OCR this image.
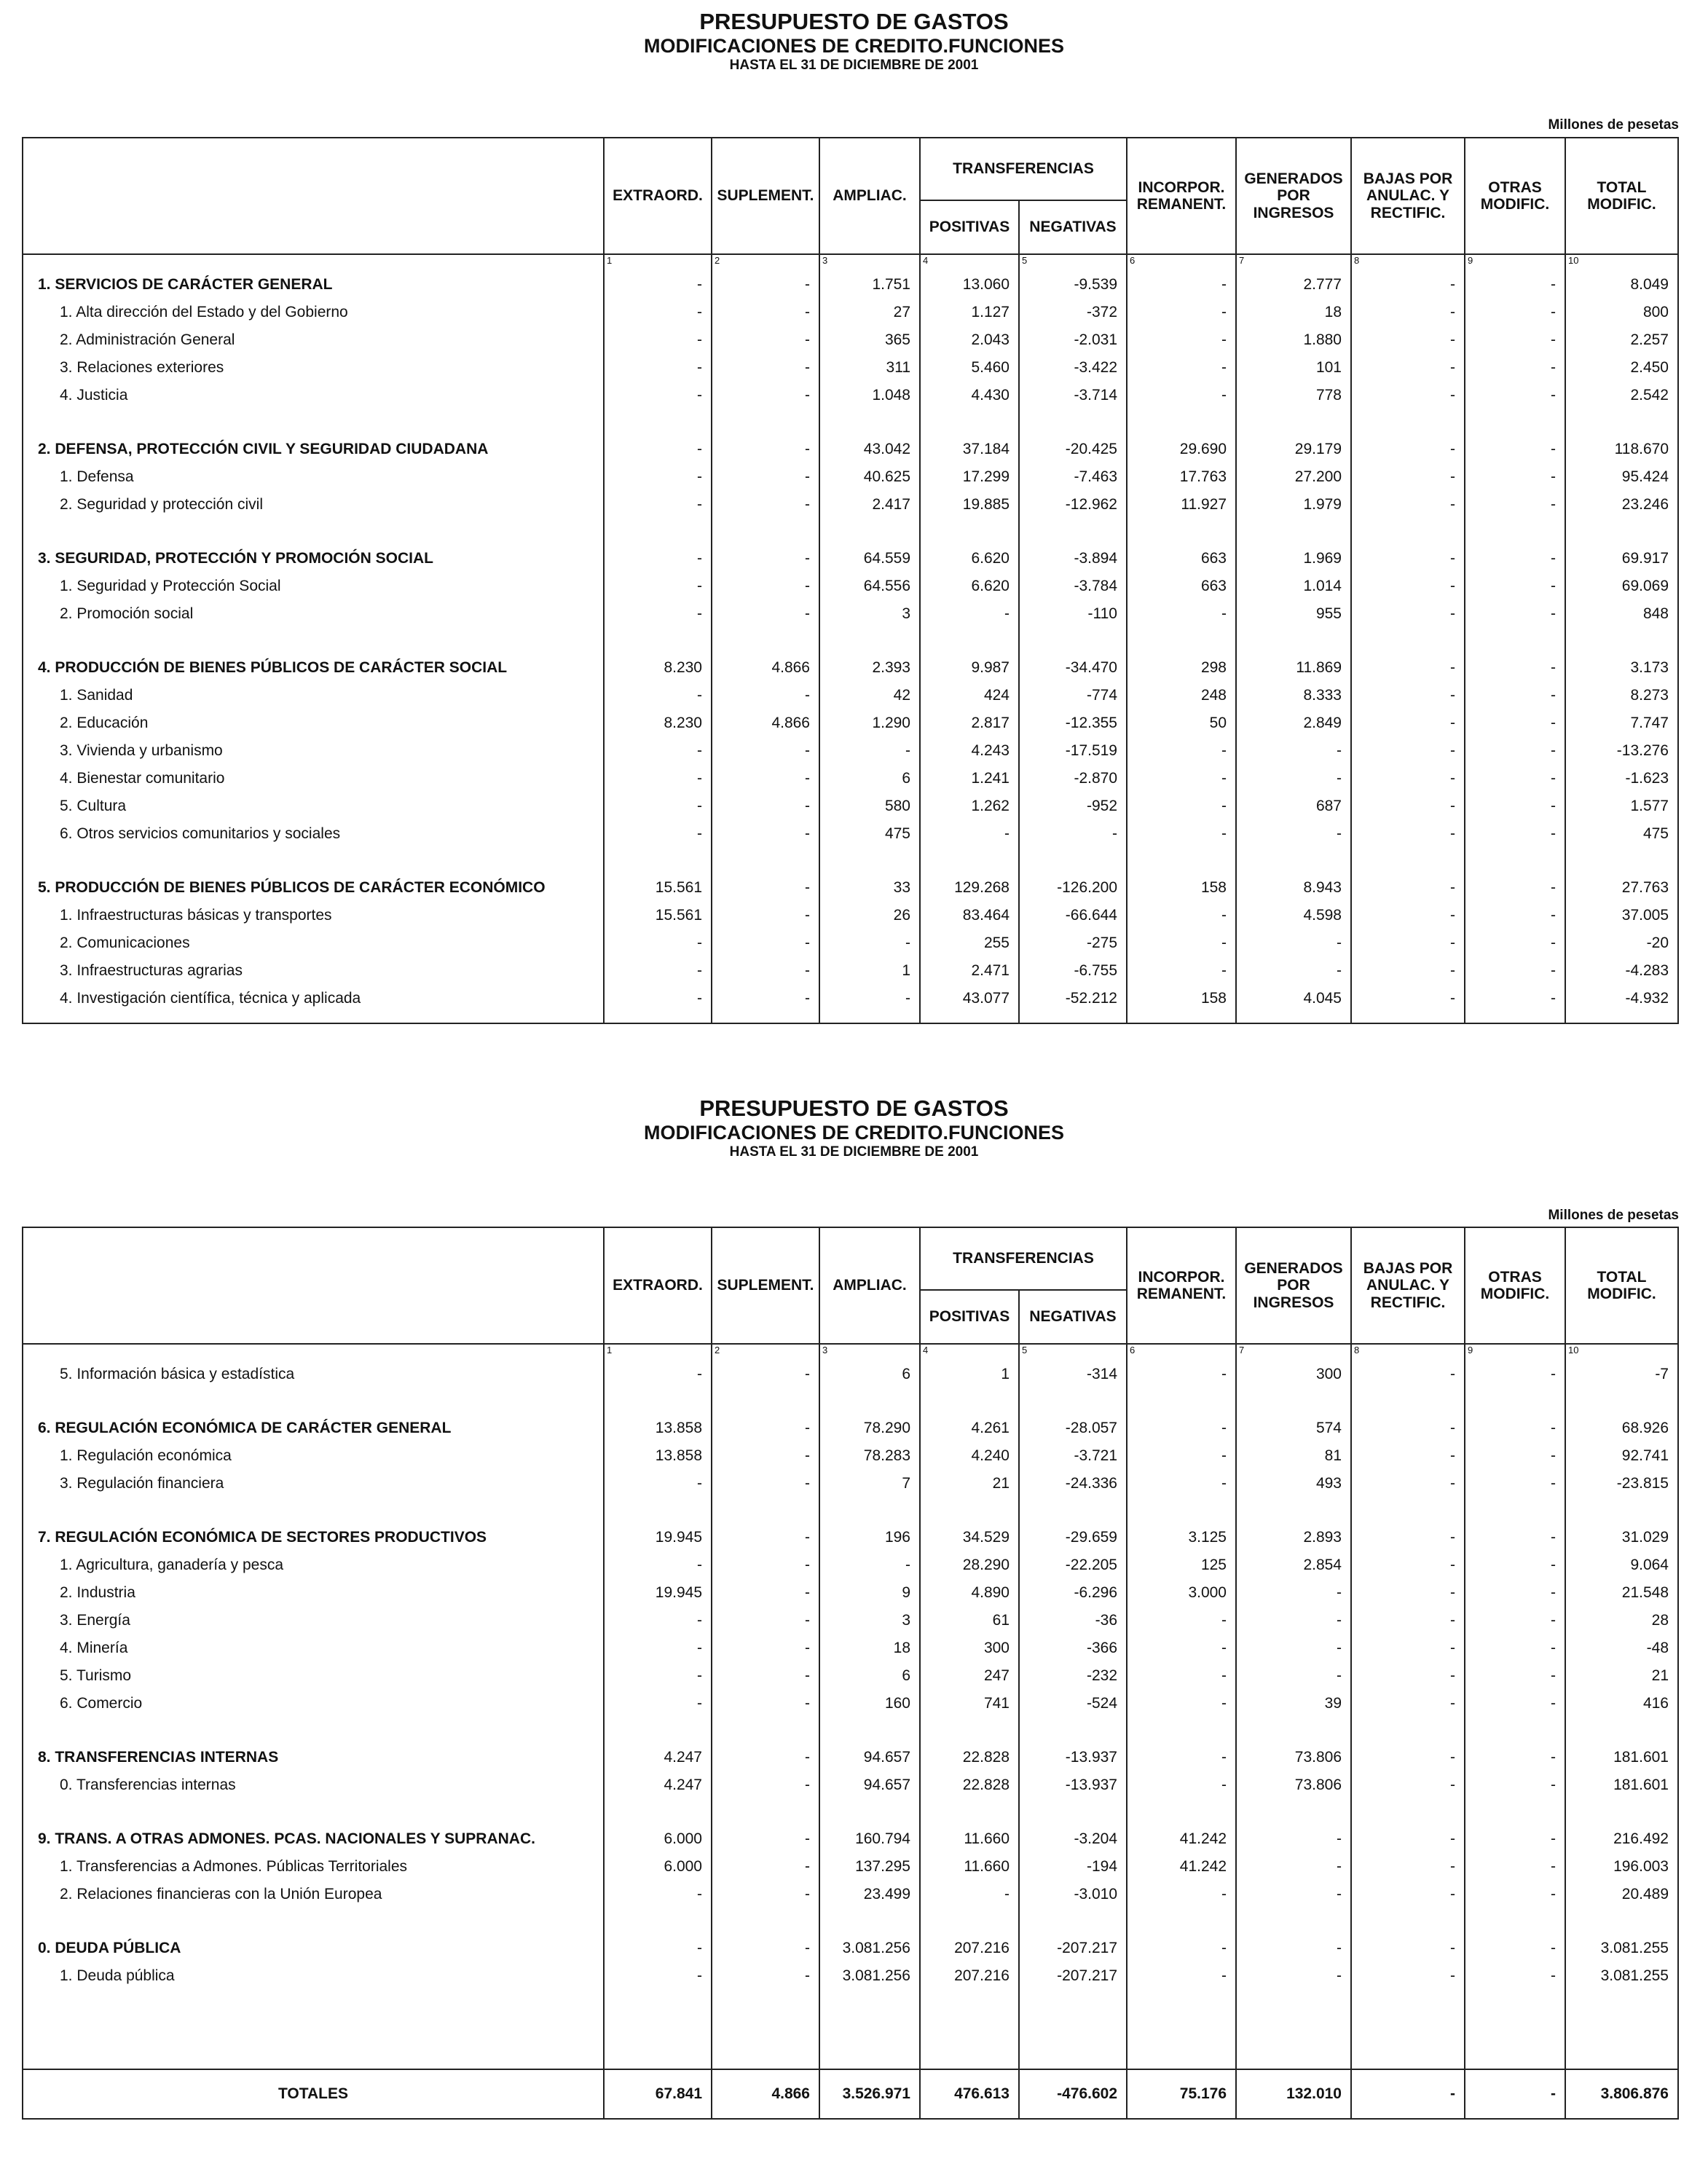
PRESUPUESTO DE GASTOS
MODIFICACIONES DE CREDITO.FUNCIONES
HASTA EL 31 DE DICIEMBRE DE 2001
Millones de pesetas
	EXTRAORD.	SUPLEMENT.	AMPLIAC.	TRANSFERENCIAS		INCORPOR. REMANENT.	GENERADOS POR INGRESOS	BAJAS POR ANULAC. Y RECTIFIC.	OTRAS MODIFIC.	TOTAL MODIFIC.
				POSITIVAS	NEGATIVAS					
	1	2	3	4	5	6	7	8	9	10
1. SERVICIOS DE CARÁCTER GENERAL	-	-	1.751	13.060	-9.539	-	2.777	-	-	8.049
1. Alta dirección del Estado y del Gobierno	-	-	27	1.127	-372	-	18	-	-	800
2. Administración General	-	-	365	2.043	-2.031	-	1.880	-	-	2.257
3. Relaciones exteriores	-	-	311	5.460	-3.422	-	101	-	-	2.450
4. Justicia	-	-	1.048	4.430	-3.714	-	778	-	-	2.542

2. DEFENSA, PROTECCIÓN CIVIL Y SEGURIDAD CIUDADANA	-	-	43.042	37.184	-20.425	29.690	29.179	-	-	118.670
1. Defensa	-	-	40.625	17.299	-7.463	17.763	27.200	-	-	95.424
2. Seguridad y protección civil	-	-	2.417	19.885	-12.962	11.927	1.979	-	-	23.246

3. SEGURIDAD, PROTECCIÓN Y PROMOCIÓN SOCIAL	-	-	64.559	6.620	-3.894	663	1.969	-	-	69.917
1. Seguridad y Protección Social	-	-	64.556	6.620	-3.784	663	1.014	-	-	69.069
2. Promoción social	-	-	3	-	-110	-	955	-	-	848

4. PRODUCCIÓN DE BIENES PÚBLICOS DE CARÁCTER SOCIAL	8.230	4.866	2.393	9.987	-34.470	298	11.869	-	-	3.173
1. Sanidad	-	-	42	424	-774	248	8.333	-	-	8.273
2. Educación	8.230	4.866	1.290	2.817	-12.355	50	2.849	-	-	7.747
3. Vivienda y urbanismo	-	-	-	4.243	-17.519	-	-	-	-	-13.276
4. Bienestar comunitario	-	-	6	1.241	-2.870	-	-	-	-	-1.623
5. Cultura	-	-	580	1.262	-952	-	687	-	-	1.577
6. Otros servicios comunitarios y sociales	-	-	475	-	-	-	-	-	-	475

5. PRODUCCIÓN DE BIENES PÚBLICOS DE CARÁCTER ECONÓMICO	15.561	-	33	129.268	-126.200	158	8.943	-	-	27.763
1. Infraestructuras básicas y transportes	15.561	-	26	83.464	-66.644	-	4.598	-	-	37.005
2. Comunicaciones	-	-	-	255	-275	-	-	-	-	-20
3. Infraestructuras agrarias	-	-	1	2.471	-6.755	-	-	-	-	-4.283
4. Investigación científica, técnica y aplicada	-	-	-	43.077	-52.212	158	4.045	-	-	-4.932

PRESUPUESTO DE GASTOS
MODIFICACIONES DE CREDITO.FUNCIONES
HASTA EL 31 DE DICIEMBRE DE 2001
Millones de pesetas
	EXTRAORD.	SUPLEMENT.	AMPLIAC.	TRANSFERENCIAS		INCORPOR. REMANENT.	GENERADOS POR INGRESOS	BAJAS POR ANULAC. Y RECTIFIC.	OTRAS MODIFIC.	TOTAL MODIFIC.
				POSITIVAS	NEGATIVAS					
	1	2	3	4	5	6	7	8	9	10
5. Información básica y estadística	-	-	6	1	-314	-	300	-	-	-7

6. REGULACIÓN ECONÓMICA DE CARÁCTER GENERAL	13.858	-	78.290	4.261	-28.057	-	574	-	-	68.926
1. Regulación económica	13.858	-	78.283	4.240	-3.721	-	81	-	-	92.741
3. Regulación financiera	-	-	7	21	-24.336	-	493	-	-	-23.815

7. REGULACIÓN ECONÓMICA DE SECTORES PRODUCTIVOS	19.945	-	196	34.529	-29.659	3.125	2.893	-	-	31.029
1. Agricultura, ganadería y pesca	-	-	-	28.290	-22.205	125	2.854	-	-	9.064
2. Industria	19.945	-	9	4.890	-6.296	3.000	-	-	-	21.548
3. Energía	-	-	3	61	-36	-	-	-	-	28
4. Minería	-	-	18	300	-366	-	-	-	-	-48
5. Turismo	-	-	6	247	-232	-	-	-	-	21
6. Comercio	-	-	160	741	-524	-	39	-	-	416

8. TRANSFERENCIAS INTERNAS	4.247	-	94.657	22.828	-13.937	-	73.806	-	-	181.601
0. Transferencias internas	4.247	-	94.657	22.828	-13.937	-	73.806	-	-	181.601

9. TRANS. A OTRAS ADMONES. PCAS. NACIONALES Y SUPRANAC.	6.000	-	160.794	11.660	-3.204	41.242	-	-	-	216.492
1. Transferencias a Admones. Públicas Territoriales	6.000	-	137.295	11.660	-194	41.242	-	-	-	196.003
2. Relaciones financieras con la Unión Europea	-	-	23.499	-	-3.010	-	-	-	-	20.489

0. DEUDA PÚBLICA	-	-	3.081.256	207.216	-207.217	-	-	-	-	3.081.255
1. Deuda pública	-	-	3.081.256	207.216	-207.217	-	-	-	-	3.081.255

TOTALES	67.841	4.866	3.526.971	476.613	-476.602	75.176	132.010	-	-	3.806.876
